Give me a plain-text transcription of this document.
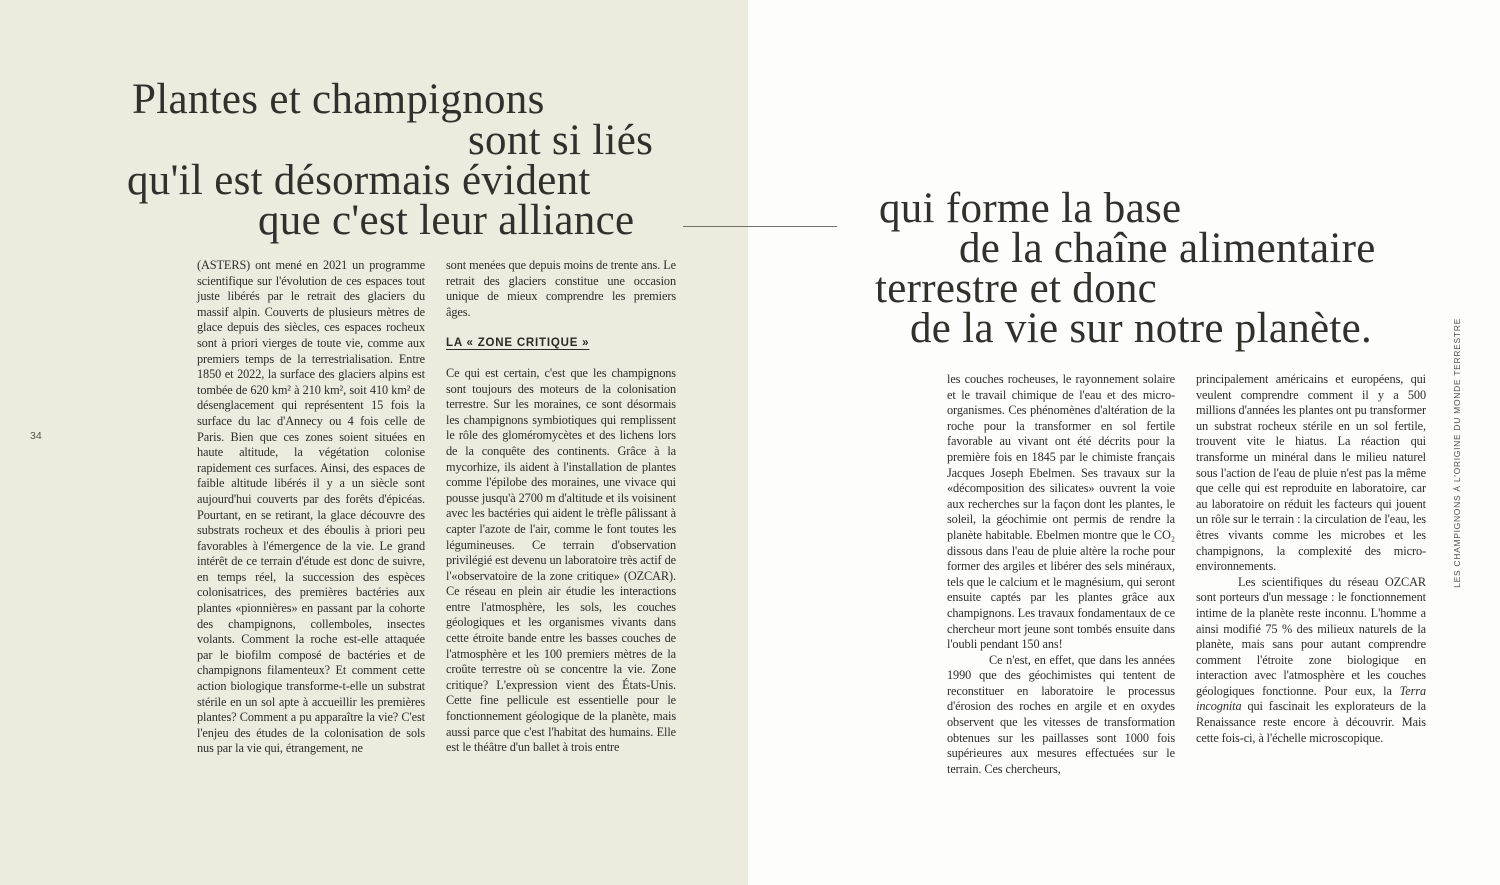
34
Plantes et champignons
sont si liés
qu'il est désormais évident
que c'est leur alliance	qui forme la base
de la chaîne alimentaire
terrestre et donc
de la vie sur notre planète.

(ASTERS) ont mené en 2021 un programme scientifique sur l'évolution de ces espaces tout juste libérés par le retrait des glaciers du massif alpin. Couverts de plusieurs mètres de glace depuis des siècles, ces espaces rocheux sont à priori vierges de toute vie, comme aux premiers temps de la terrestrialisation. Entre 1850 et 2022, la surface des glaciers alpins est tombée de 620 km² à 210 km², soit 410 km² de désenglacement qui représentent 15 fois la surface du lac d'Annecy ou 4 fois celle de Paris. Bien que ces zones soient situées en haute altitude, la végétation colonise rapidement ces surfaces. Ainsi, des espaces de faible altitude libérés il y a un siècle sont aujourd'hui couverts par des forêts d'épicéas. Pourtant, en se retirant, la glace découvre des substrats rocheux et des éboulis à priori peu favorables à l'émergence de la vie. Le grand intérêt de ce terrain d'étude est donc de suivre, en temps réel, la succession des espèces colonisatrices, des premières bactéries aux plantes «pionnières» en passant par la cohorte des champignons, collemboles, insectes volants. Comment la roche est-elle attaquée par le biofilm composé de bactéries et de champignons filamenteux? Et comment cette action biologique transforme-t-elle un substrat stérile en un sol apte à accueillir les premières plantes? Comment a pu apparaître la vie? C'est l'enjeu des études de la colonisation de sols nus par la vie qui, étrangement, ne

sont menées que depuis moins de trente ans. Le retrait des glaciers constitue une occasion unique de mieux comprendre les premiers âges.

LA « ZONE CRITIQUE »

Ce qui est certain, c'est que les champignons sont toujours des moteurs de la colonisation terrestre. Sur les moraines, ce sont désormais les champignons symbiotiques qui remplissent le rôle des gloméromycètes et des lichens lors de la conquête des continents. Grâce à la mycorhize, ils aident à l'installation de plantes comme l'épilobe des moraines, une vivace qui pousse jusqu'à 2700 m d'altitude et ils voisinent avec les bactéries qui aident le trèfle pâlissant à capter l'azote de l'air, comme le font toutes les légumineuses. Ce terrain d'observation privilégié est devenu un laboratoire très actif de l'«observatoire de la zone critique» (OZCAR). Ce réseau en plein air étudie les interactions entre l'atmosphère, les sols, les couches géologiques et les organismes vivants dans cette étroite bande entre les basses couches de l'atmosphère et les 100 premiers mètres de la croûte terrestre où se concentre la vie. Zone critique? L'expression vient des États-Unis. Cette fine pellicule est essentielle pour le fonctionnement géologique de la planète, mais aussi parce que c'est l'habitat des humains. Elle est le théâtre d'un ballet à trois entre

les couches rocheuses, le rayonnement solaire et le travail chimique de l'eau et des micro-organismes. Ces phénomènes d'altération de la roche pour la transformer en sol fertile favorable au vivant ont été décrits pour la première fois en 1845 par le chimiste français Jacques Joseph Ebelmen. Ses travaux sur la «décomposition des silicates» ouvrent la voie aux recherches sur la façon dont les plantes, le soleil, la géochimie ont permis de rendre la planète habitable. Ebelmen montre que le CO₂ dissous dans l'eau de pluie altère la roche pour former des argiles et libérer des sels minéraux, tels que le calcium et le magnésium, qui seront ensuite captés par les plantes grâce aux champignons. Les travaux fondamentaux de ce chercheur mort jeune sont tombés ensuite dans l'oubli pendant 150 ans!

Ce n'est, en effet, que dans les années 1990 que des géochimistes qui tentent de reconstituer en laboratoire le processus d'érosion des roches en argile et en oxydes observent que les vitesses de transformation obtenues sur les paillasses sont 1000 fois supérieures aux mesures effectuées sur le terrain. Ces chercheurs,

principalement américains et européens, qui veulent comprendre comment il y a 500 millions d'années les plantes ont pu transformer un substrat rocheux stérile en un sol fertile, trouvent vite le hiatus. La réaction qui transforme un minéral dans le milieu naturel sous l'action de l'eau de pluie n'est pas la même que celle qui est reproduite en laboratoire, car au laboratoire on réduit les facteurs qui jouent un rôle sur le terrain : la circulation de l'eau, les êtres vivants comme les microbes et les champignons, la complexité des micro-environnements.

Les scientifiques du réseau OZCAR sont porteurs d'un message : le fonctionnement intime de la planète reste inconnu. L'homme a ainsi modifié 75 % des milieux naturels de la planète, mais sans pour autant comprendre comment l'étroite zone biologique en interaction avec l'atmosphère et les couches géologiques fonctionne. Pour eux, la Terra incognita qui fascinait les explorateurs de la Renaissance reste encore à découvrir. Mais cette fois-ci, à l'échelle microscopique.

LES CHAMPIGNONS À L'ORIGINE DU MONDE TERRESTRE
